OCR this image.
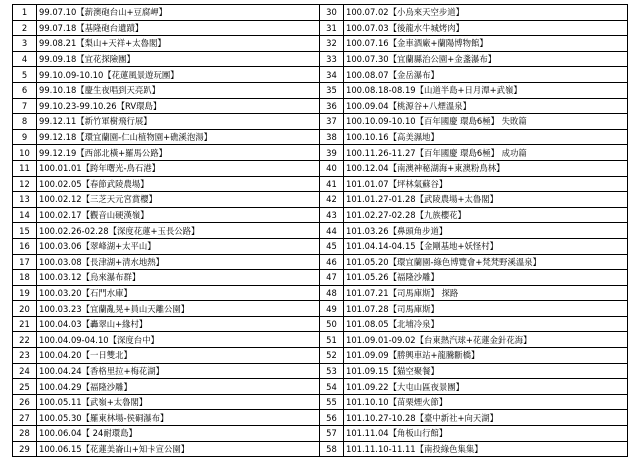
1	99.07.10【薪澳砲台山+豆腐岬】	30	100.07.02【小烏來天空步道】
2	99.07.18【基隆砲台遺蹟】	31	100.07.03【後龍水牛城烤肉】
3	99.08.21【梨山+天祥+太魯閣】	32	100.07.16【金車酒廠+蘭陽博物館】
4	99.09.18【宜花探險團】	33	100.07.30【宜蘭縣治公園+金盞瀑布】
5	99.10.09-10.10【花蓮風景遊玩團】	34	100.08.07【金岳瀑布】
6	99.10.18【慶生夜唱到天亮趴】	35	100.08.18-08.19【山道半島+日月潭+武嶺】
7	99.10.23-99.10.26【RV環島】	36	100.09.04【桃源谷+八煙溫泉】
8	99.12.11【新竹軍樹飛行展】	37	100.10.09-10.10【百年國慶 環島6極】 失敗篇
9	99.12.18【環宜蘭園-仁山植物園+礁溪泡湯】	38	100.10.16【高美濕地】
10	99.12.19【西部北橫+羅馬公路】	39	100.11.26-11.27【百年國慶 環島6極】 成功篇
11	100.01.01【跨年曙光-鳥石港】	40	100.12.04【南澳神秘湖海+東澳粉鳥林】
12	100.02.05【春節武陵農場】	41	101.01.07【坪林氣蘇谷】
13	100.02.12【三芝天元宮賞櫻】	42	101.01.27-01.28【武陵農場+太魯閣】
14	100.02.17【觀音山硬漢嶺】	43	101.02.27-02.28【九族櫻花】
15	100.02.26-02.28【深度花蓮+玉長公路】	44	101.03.26【鼻頭角步道】
16	100.03.06【翠峰湖+太平山】	45	101.04.14-04.15【金剛基地+妖怪村】
17	100.03.08【長津湖+清水地熱】	46	101.05.20【環宜蘭園-綠色博覽會+梵梵野溪溫泉】
18	100.03.12【烏來瀑布群】	47	101.05.26【福隆沙雕】
19	100.03.20【石門水庫】	48	101.07.21【司馬庫斯】 探路
20	100.03.23【宜蘭亂晃+員山天離公園】	49	101.07.28【司馬庫斯】
21	100.04.03【轟翠山+緣村】	50	101.08.05【北埔冷泉】
22	100.04.09-04.10【深度台中】	51	101.09.01-09.02【台東熱汽球+花蓮金針花海】
23	100.04.20【一日雙北】	52	101.09.09【勝興車站+龍騰斷橋】
24	100.04.24【香格里拉+梅花湖】	53	101.09.15【猫空聚餐】
25	100.04.29【福隆沙雕】	54	101.09.22【大屯山區夜景團】
26	100.05.11【武嶺+太魯閣】	55	101.10.10【苗栗煙火節】
27	100.05.30【羅東林場-侯硐瀑布】	56	101.10.27-10.28【臺中新社+向天湖】
28	100.06.04【 24耐環島】	57	101.11.04【角板山行館】
29	100.06.15【花蓮美崙山+知卡宣公園】	58	101.11.10-11.11【南投綠色集集】
